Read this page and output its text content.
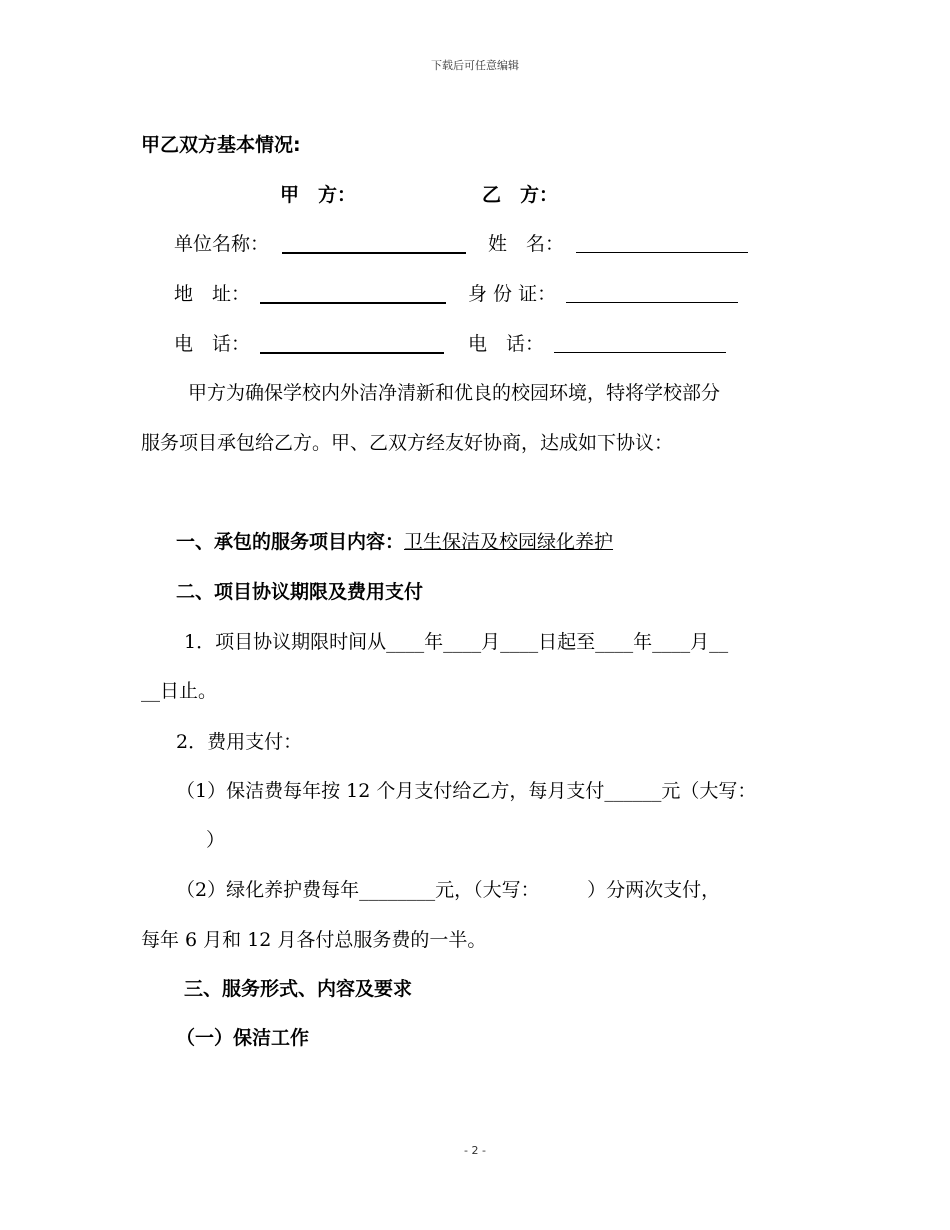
下载后可任意编辑
甲乙双方基本情况:
甲　方：	乙　方：
单位名称：	姓　名：
地　址：	身 份 证：
电　话：	电　话：
甲方为确保学校内外洁净清新和优良的校园环境，特将学校部分
服务项目承包给乙方。甲、乙双方经友好协商，达成如下协议：
一、承包的服务项目内容：卫生保洁及校园绿化养护
二、项目协议期限及费用支付
1．项目协议期限时间从____年____月____日起至____年____月__
__日止。
2．费用支付：
（1）保洁费每年按 12 个月支付给乙方，每月支付______元（大写：
）
（2）绿化养护费每年________元，（大写：　　　）分两次支付，
每年 6 月和 12 月各付总服务费的一半。
三、服务形式、内容及要求
（一）保洁工作
- 2 -
